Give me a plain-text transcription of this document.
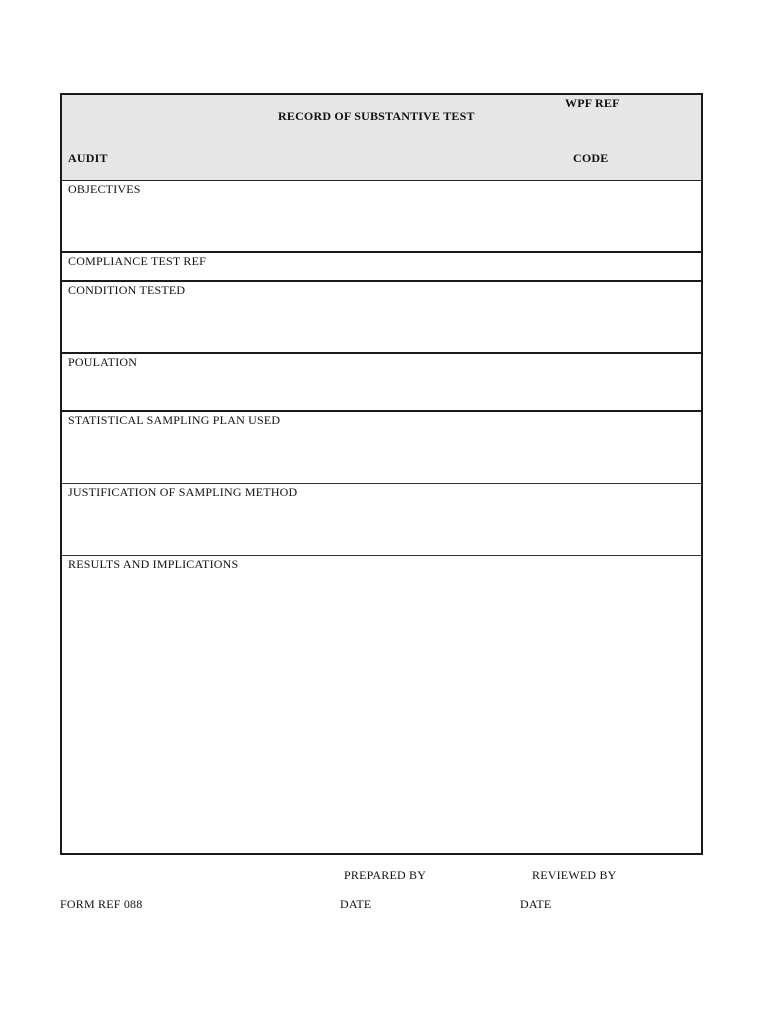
RECORD OF SUBSTANTIVE TEST
WPF REF
AUDIT	CODE
OBJECTIVES
COMPLIANCE TEST REF
CONDITION TESTED
POULATION
STATISTICAL SAMPLING PLAN USED
JUSTIFICATION OF SAMPLING METHOD
RESULTS AND IMPLICATIONS
PREPARED BY	REVIEWED BY
FORM REF 088	DATE	DATE
